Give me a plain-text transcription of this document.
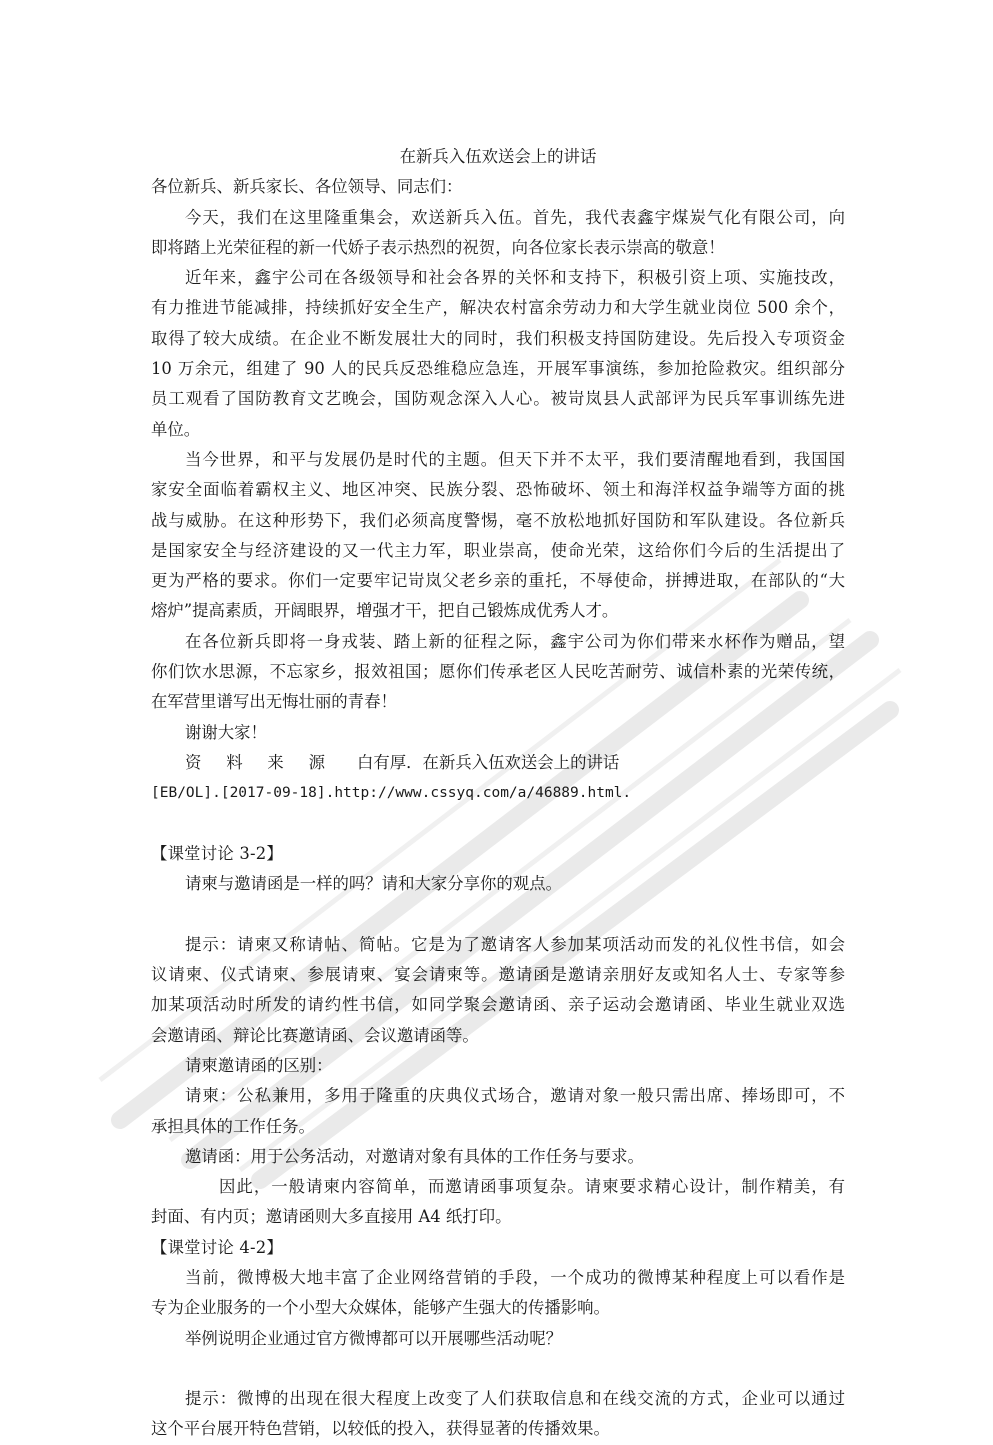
在新兵入伍欢送会上的讲话
各位新兵、新兵家长、各位领导、同志们：
今天，我们在这里隆重集会，欢送新兵入伍。首先，我代表鑫宇煤炭气化有限公司，向
即将踏上光荣征程的新一代娇子表示热烈的祝贺，向各位家长表示崇高的敬意！
近年来，鑫宇公司在各级领导和社会各界的关怀和支持下，积极引资上项、实施技改，
有力推进节能减排，持续抓好安全生产，解决农村富余劳动力和大学生就业岗位 500 余个，
取得了较大成绩。在企业不断发展壮大的同时，我们积极支持国防建设。先后投入专项资金
10 万余元，组建了 90 人的民兵反恐维稳应急连，开展军事演练，参加抢险救灾。组织部分
员工观看了国防教育文艺晚会，国防观念深入人心。被岢岚县人武部评为民兵军事训练先进
单位。
当今世界，和平与发展仍是时代的主题。但天下并不太平，我们要清醒地看到，我国国
家安全面临着霸权主义、地区冲突、民族分裂、恐怖破坏、领土和海洋权益争端等方面的挑
战与威胁。在这种形势下，我们必须高度警惕，毫不放松地抓好国防和军队建设。各位新兵
是国家安全与经济建设的又一代主力军，职业崇高，使命光荣，这给你们今后的生活提出了
更为严格的要求。你们一定要牢记岢岚父老乡亲的重托，不辱使命，拼搏进取，在部队的“大
熔炉”提高素质，开阔眼界，增强才干，把自己锻炼成优秀人才。
在各位新兵即将一身戎装、踏上新的征程之际，鑫宇公司为你们带来水杯作为赠品，望
你们饮水思源，不忘家乡，报效祖国；愿你们传承老区人民吃苦耐劳、诚信朴素的光荣传统，
在军营里谱写出无悔壮丽的青春！
谢谢大家！
资料来源 白有厚．在新兵入伍欢送会上的讲话
[EB/OL].[2017-09-18].http://www.cssyq.com/a/46889.html.
【课堂讨论 3-2】
请柬与邀请函是一样的吗？请和大家分享你的观点。
提示：请柬又称请帖、简帖。它是为了邀请客人参加某项活动而发的礼仪性书信，如会
议请柬、仪式请柬、参展请柬、宴会请柬等。邀请函是邀请亲朋好友或知名人士、专家等参
加某项活动时所发的请约性书信，如同学聚会邀请函、亲子运动会邀请函、毕业生就业双选
会邀请函、辩论比赛邀请函、会议邀请函等。
请柬邀请函的区别：
请柬：公私兼用，多用于隆重的庆典仪式场合，邀请对象一般只需出席、捧场即可，不
承担具体的工作任务。
邀请函：用于公务活动，对邀请对象有具体的工作任务与要求。
因此，一般请柬内容简单，而邀请函事项复杂。请柬要求精心设计，制作精美，有
封面、有内页；邀请函则大多直接用 A4 纸打印。
【课堂讨论 4-2】
当前，微博极大地丰富了企业网络营销的手段，一个成功的微博某种程度上可以看作是
专为企业服务的一个小型大众媒体，能够产生强大的传播影响。
举例说明企业通过官方微博都可以开展哪些活动呢？
提示：微博的出现在很大程度上改变了人们获取信息和在线交流的方式，企业可以通过
这个平台展开特色营销，以较低的投入，获得显著的传播效果。
